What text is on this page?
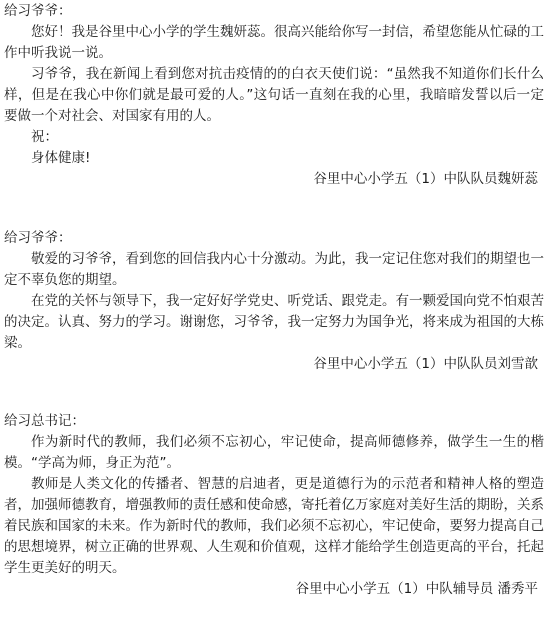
给习爷爷：

您好！我是谷里中心小学的学生魏妍蕊。很高兴能给你写一封信，希望您能从忙碌的工作中听我说一说。

习爷爷，我在新闻上看到您对抗击疫情的的白衣天使们说：“虽然我不知道你们长什么样，但是在我心中你们就是最可爱的人。”这句话一直刻在我的心里，我暗暗发誓以后一定要做一个对社会、对国家有用的人。

祝：

身体健康!

谷里中心小学五（1）中队队员魏妍蕊

给习爷爷：

敬爱的习爷爷，看到您的回信我内心十分激动。为此，我一定记住您对我们的期望也一定不辜负您的期望。

在党的关怀与领导下，我一定好好学党史、听党话、跟党走。有一颗爱国向党不怕艰苦的决定。认真、努力的学习。谢谢您，习爷爷，我一定努力为国争光，将来成为祖国的大栋梁。

谷里中心小学五（1）中队队员刘雪歆

给习总书记：

作为新时代的教师，我们必须不忘初心，牢记使命，提高师德修养，做学生一生的楷模。“学高为师，身正为范”。

教师是人类文化的传播者、智慧的启迪者，更是道德行为的示范者和精神人格的塑造者，加强师德教育，增强教师的责任感和使命感，寄托着亿万家庭对美好生活的期盼，关系着民族和国家的未来。作为新时代的教师，我们必须不忘初心，牢记使命，要努力提高自己的思想境界，树立正确的世界观、人生观和价值观，这样才能给学生创造更高的平台，托起学生更美好的明天。

谷里中心小学五（1）中队辅导员 潘秀平
